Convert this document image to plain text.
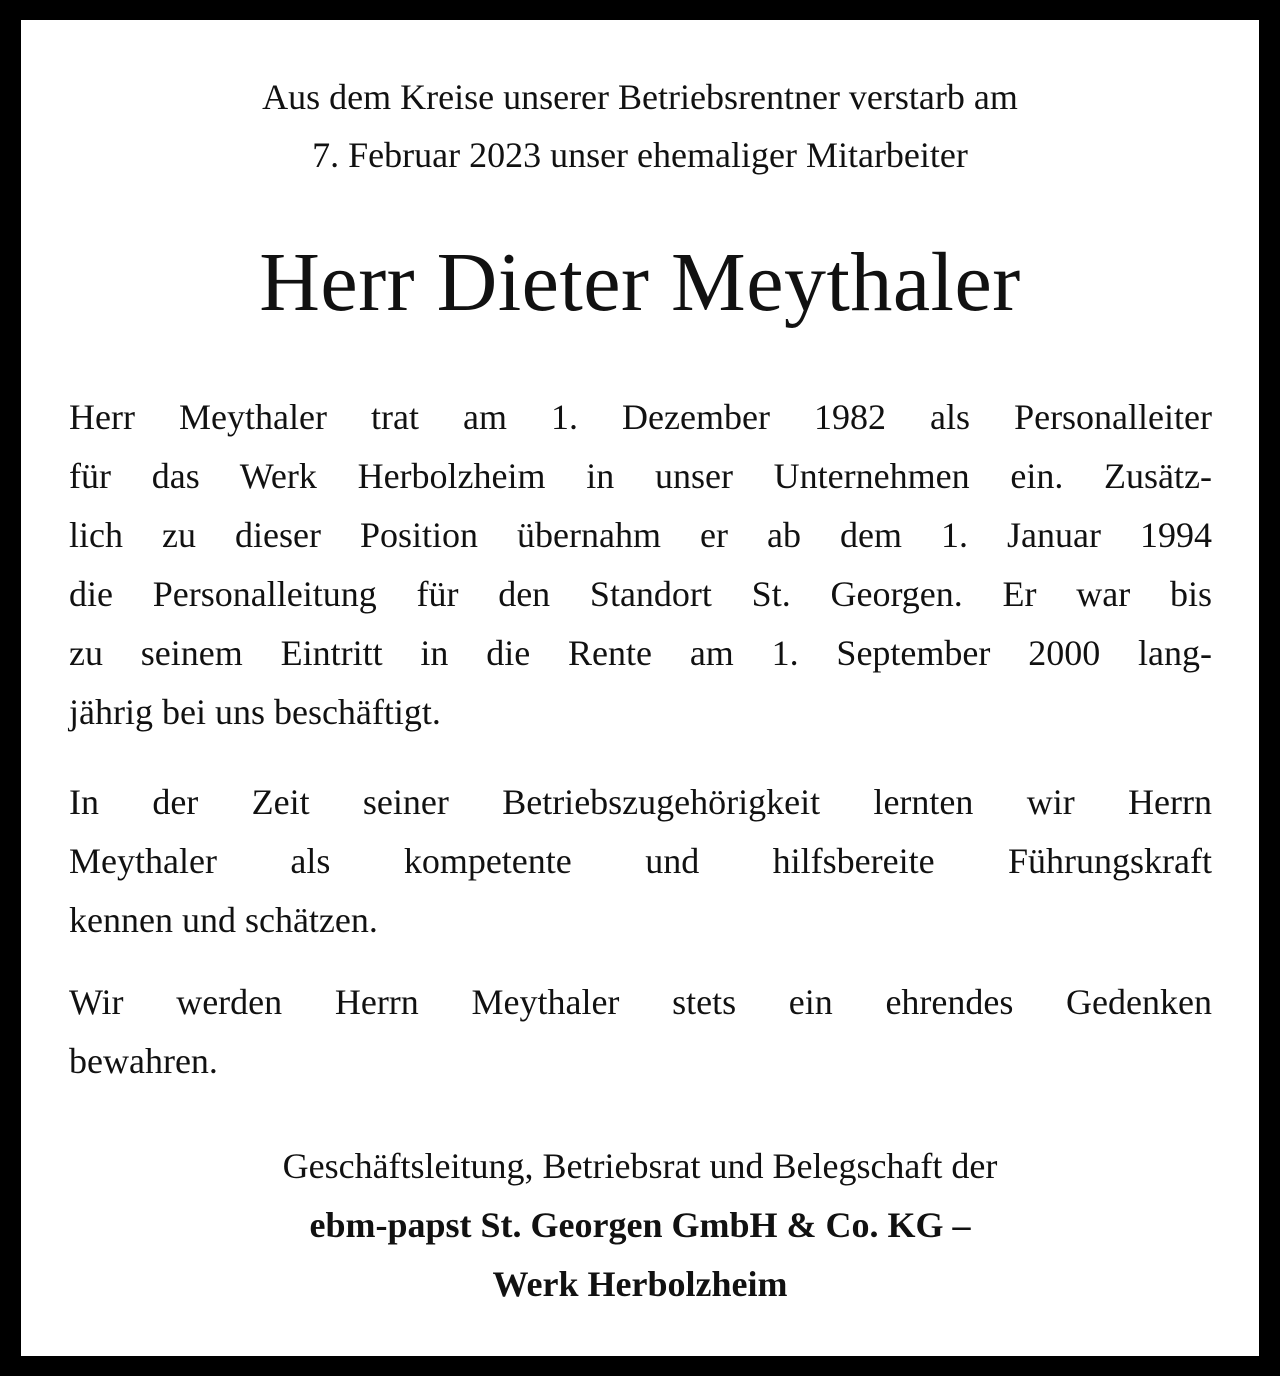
Aus dem Kreise unserer Betriebsrentner verstarb am
7. Februar 2023 unser ehemaliger Mitarbeiter
Herr Dieter Meythaler
Herr Meythaler trat am 1. Dezember 1982 als Personalleiter
für das Werk Herbolzheim in unser Unternehmen ein. Zusätz-
lich zu dieser Position übernahm er ab dem 1. Januar 1994
die Personalleitung für den Standort St. Georgen. Er war bis
zu seinem Eintritt in die Rente am 1. September 2000 lang-
jährig bei uns beschäftigt.
In der Zeit seiner Betriebszugehörigkeit lernten wir Herrn
Meythaler als kompetente und hilfsbereite Führungskraft
kennen und schätzen.
Wir werden Herrn Meythaler stets ein ehrendes Gedenken
bewahren.
Geschäftsleitung, Betriebsrat und Belegschaft der
ebm-papst St. Georgen GmbH & Co. KG –
Werk Herbolzheim
